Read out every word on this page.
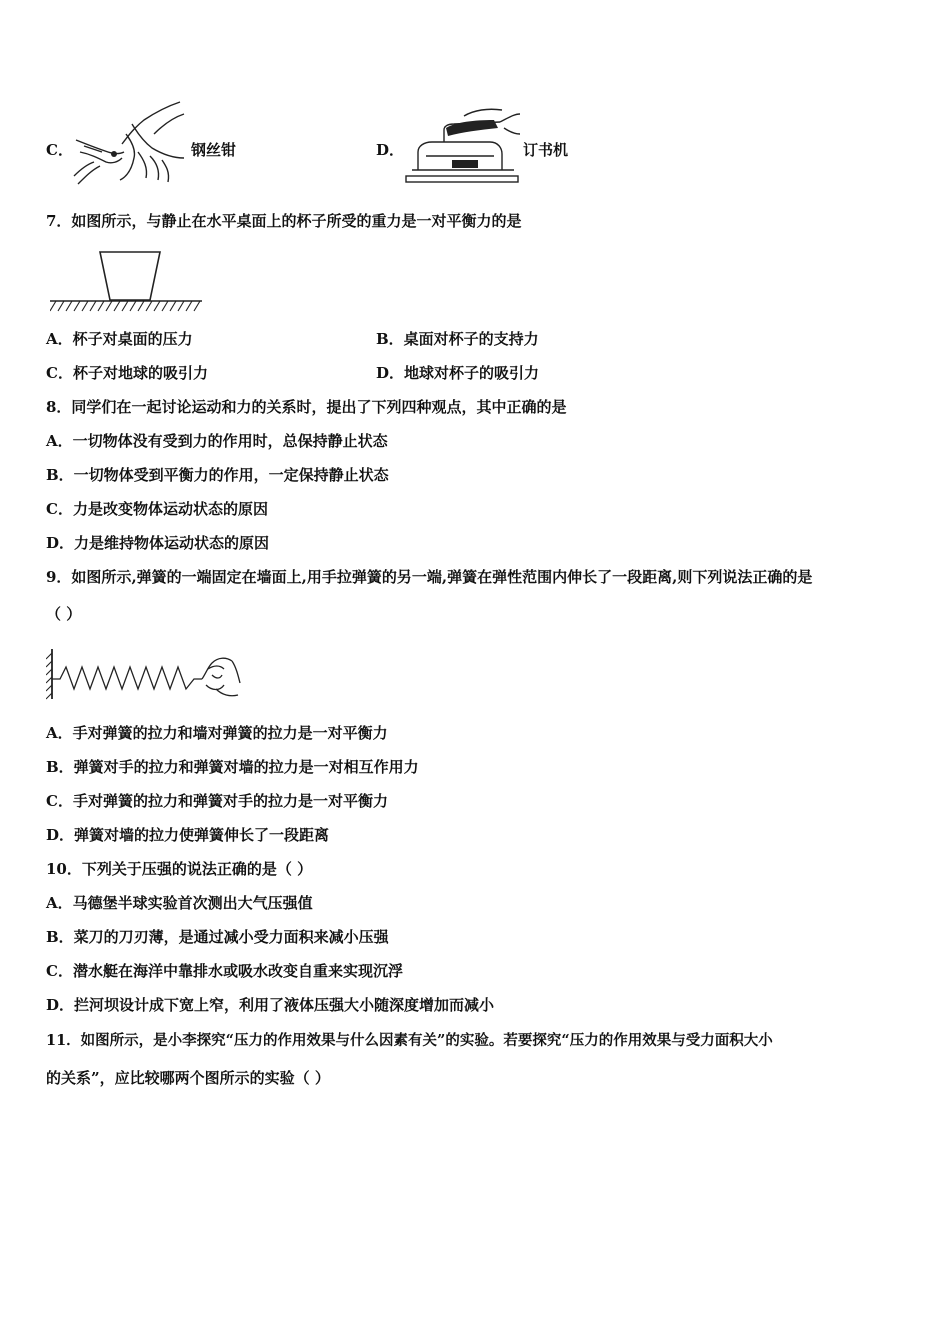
C．	钢丝钳	D．	订书机
7．如图所示，与静止在水平桌面上的杯子所受的重力是一对平衡力的是
A．杯子对桌面的压力	B．桌面对杯子的支持力
C．杯子对地球的吸引力	D．地球对杯子的吸引力
8．同学们在一起讨论运动和力的关系时，提出了下列四种观点，其中正确的是
A．一切物体没有受到力的作用时，总保持静止状态
B．一切物体受到平衡力的作用，一定保持静止状态
C．力是改变物体运动状态的原因
D．力是维持物体运动状态的原因
9．如图所示,弹簧的一端固定在墙面上,用手拉弹簧的另一端,弹簧在弹性范围内伸长了一段距离,则下列说法正确的是
（ ）
A．手对弹簧的拉力和墙对弹簧的拉力是一对平衡力
B．弹簧对手的拉力和弹簧对墙的拉力是一对相互作用力
C．手对弹簧的拉力和弹簧对手的拉力是一对平衡力
D．弹簧对墙的拉力使弹簧伸长了一段距离
10．下列关于压强的说法正确的是（ ）
A．马德堡半球实验首次测出大气压强值
B．菜刀的刀刃薄，是通过减小受力面积来减小压强
C．潜水艇在海洋中靠排水或吸水改变自重来实现沉浮
D．拦河坝设计成下宽上窄，利用了液体压强大小随深度增加而减小
11．如图所示，是小李探究“压力的作用效果与什么因素有关”的实验。若要探究“压力的作用效果与受力面积大小
的关系”，应比较哪两个图所示的实验（ ）
